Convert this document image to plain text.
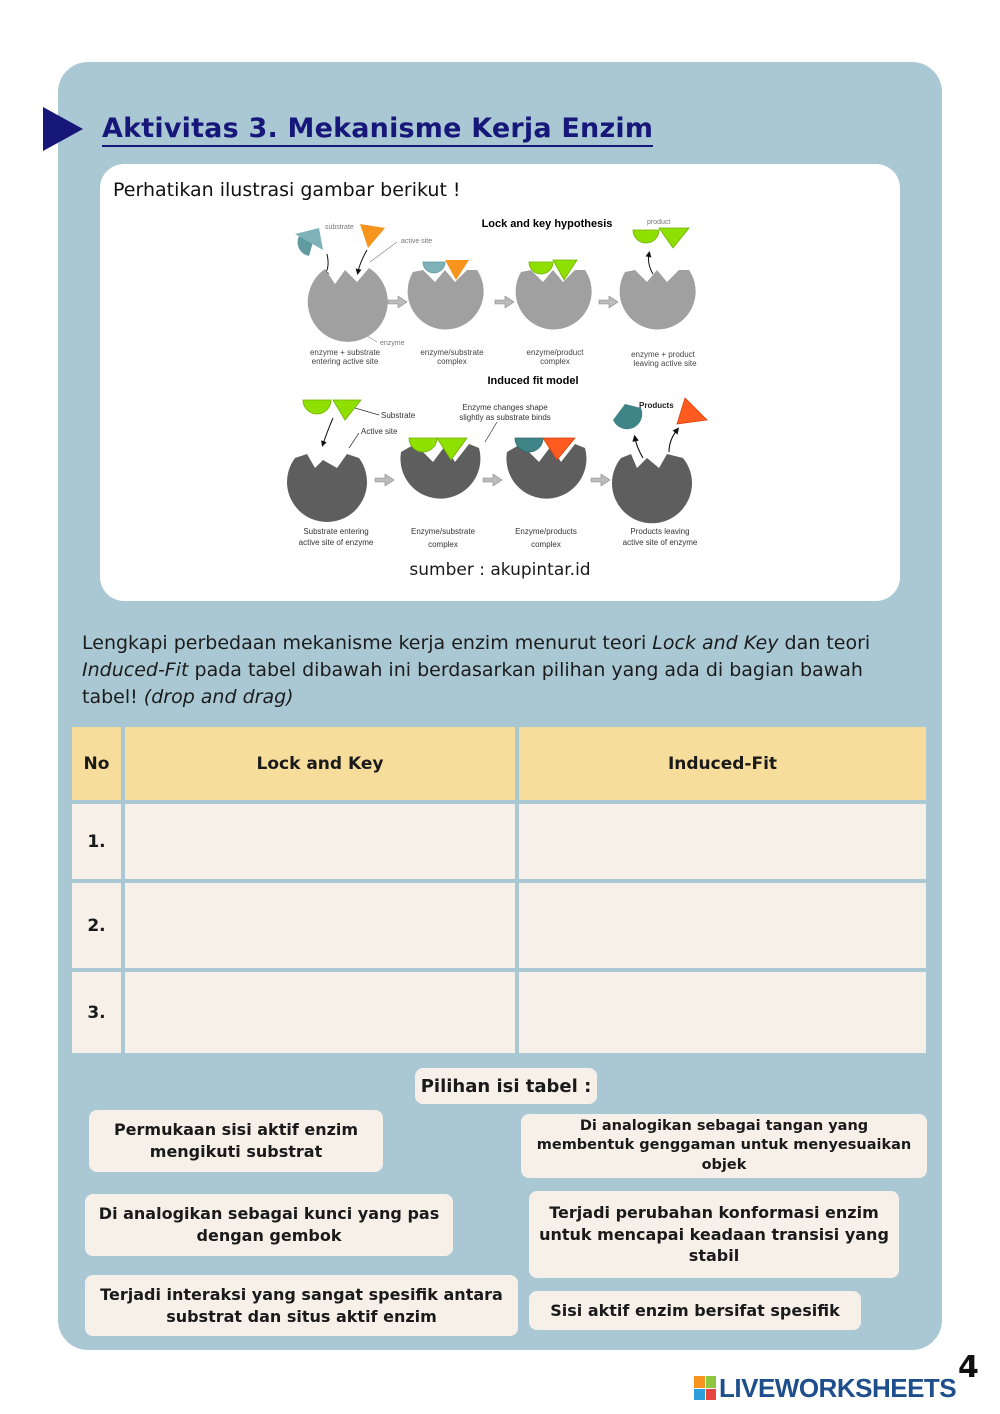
Aktivitas 3. Mekanisme Kerja Enzim
Perhatikan ilustrasi gambar berikut !
Lock and key hypothesis
substrate
active site
enzyme
product
enzyme + substrate
entering active site
enzyme/substrate
complex
enzyme/product
complex
enzyme + product
leaving active site
Induced fit model
Substrate
Active site
Enzyme changes shape
slightly as substrate binds
Products
Substrate entering
active site of enzyme
Enzyme/substrate
complex
Enzyme/products
complex
Products leaving
active site of enzyme
sumber : akupintar.id

Lengkapi perbedaan mekanisme kerja enzim menurut teori Lock and Key dan teori Induced-Fit pada tabel dibawah ini berdasarkan pilihan yang ada di bagian bawah tabel! (drop and drag)

No	Lock and Key	Induced-Fit
1.		
2.		
3.		
Pilihan isi tabel :
Permukaan sisi aktif enzim mengikuti substrat
Di analogikan sebagai tangan yang membentuk genggaman untuk menyesuaikan objek
Di analogikan sebagai kunci yang pas dengan gembok
Terjadi perubahan konformasi enzim untuk mencapai keadaan transisi yang stabil
Terjadi interaksi yang sangat spesifik antara substrat dan situs aktif enzim	Sisi aktif enzim bersifat spesifik
LIVEWORKSHEETS
4
